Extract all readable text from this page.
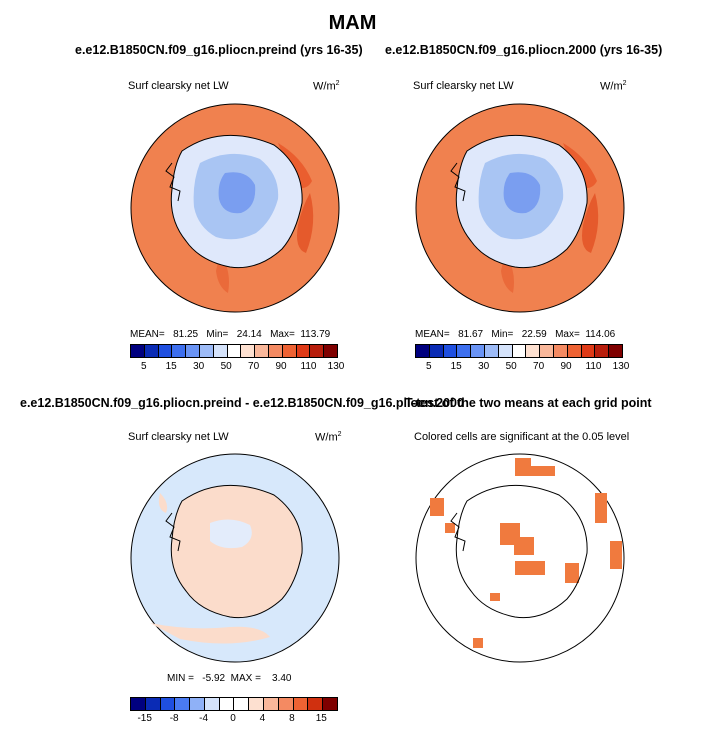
MAM
e.e12.B1850CN.f09_g16.pliocn.preind (yrs 16-35)
Surf clearsky net LW	$W/m^2$
MEAN=   81.25   Min=   24.14   Max=  113.79
5 15 30 50 70 90 110 130
e.e12.B1850CN.f09_g16.pliocn.2000 (yrs 16-35)
Surf clearsky net LW	$W/m^2$
MEAN=   81.67   Min=   22.59   Max=  114.06
5 15 30 50 70 90 110 130
e.e12.B1850CN.f09_g16.pliocn.preind - e.e12.B1850CN.f09_g16.pliocn.2000
Surf clearsky net LW	$W/m^2$
MIN =   -5.92  MAX =    3.40
-15 -8 -4 0 4 8 15
T-test of the two means at each grid point
Colored cells are significant at the 0.05 level
